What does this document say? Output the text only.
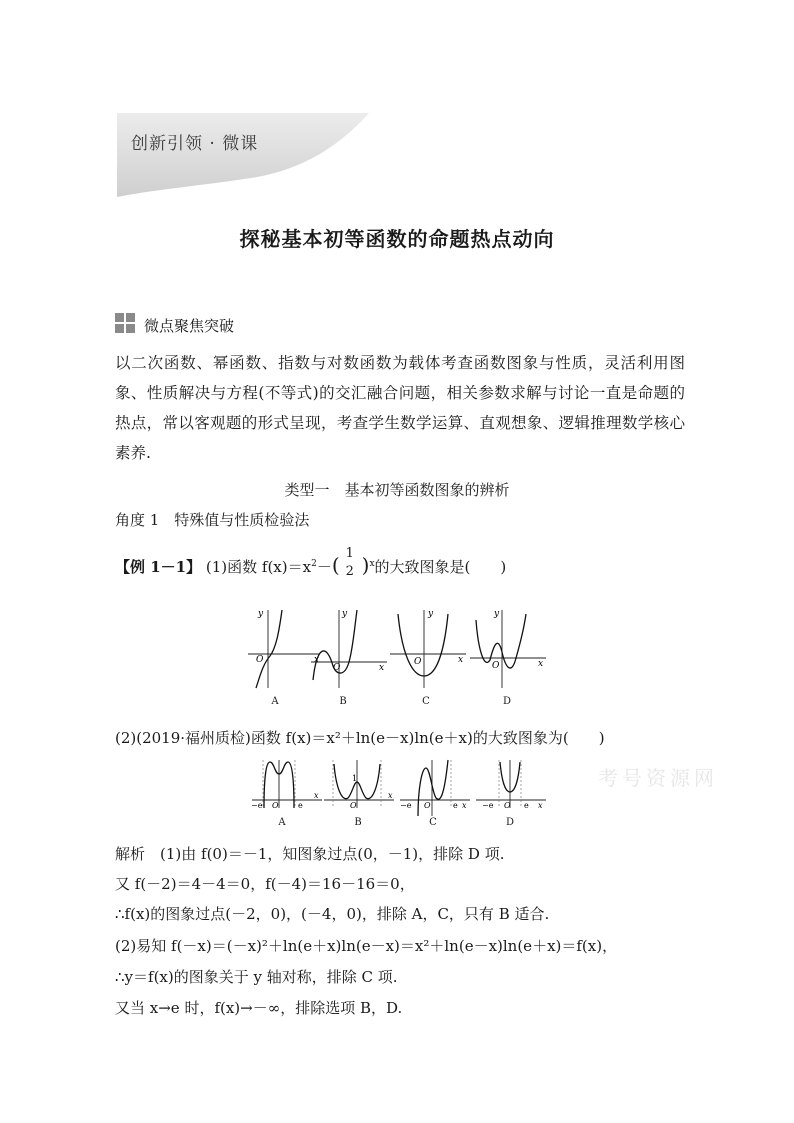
创新引领 · 微课
探秘基本初等函数的命题热点动向
微点聚焦突破

以二次函数、幂函数、指数与对数函数为载体考查函数图象与性质，灵活利用图象、性质解决与方程(不等式)的交汇融合问题，相关参数求解与讨论一直是命题的热点，常以客观题的形式呈现，考查学生数学运算、直观想象、逻辑推理数学核心素养.

类型一　基本初等函数图象的辨析
角度 1　特殊值与性质检验法
【例 1－1】 (1)函数 $f(x)=x^2-$( 1
2 )$^x$的大致图象是(　　)
y
O	x
y
O	x
y
O	x
y
O	x
A	B	C	D
(2)(2019·福州质检)函数 f(x)＝x²＋ln(e－x)ln(e＋x)的大致图象为(　　)
−e O e
x
1
O
x
−e O	e x −e O e x
A	B	C	D
考号资源网
解析　(1)由 f(0)＝－1，知图象过点(0，－1)，排除 D 项.
又 f(－2)＝4－4＝0，f(－4)＝16－16＝0，
∴f(x)的图象过点(－2，0)，(－4，0)，排除 A，C，只有 B 适合.
(2)易知 f(－x)＝(－x)²＋ln(e＋x)ln(e－x)＝x²＋ln(e－x)ln(e＋x)＝f(x)，
∴y＝f(x)的图象关于 y 轴对称，排除 C 项.
又当 x→e 时，f(x)→－∞，排除选项 B，D.
